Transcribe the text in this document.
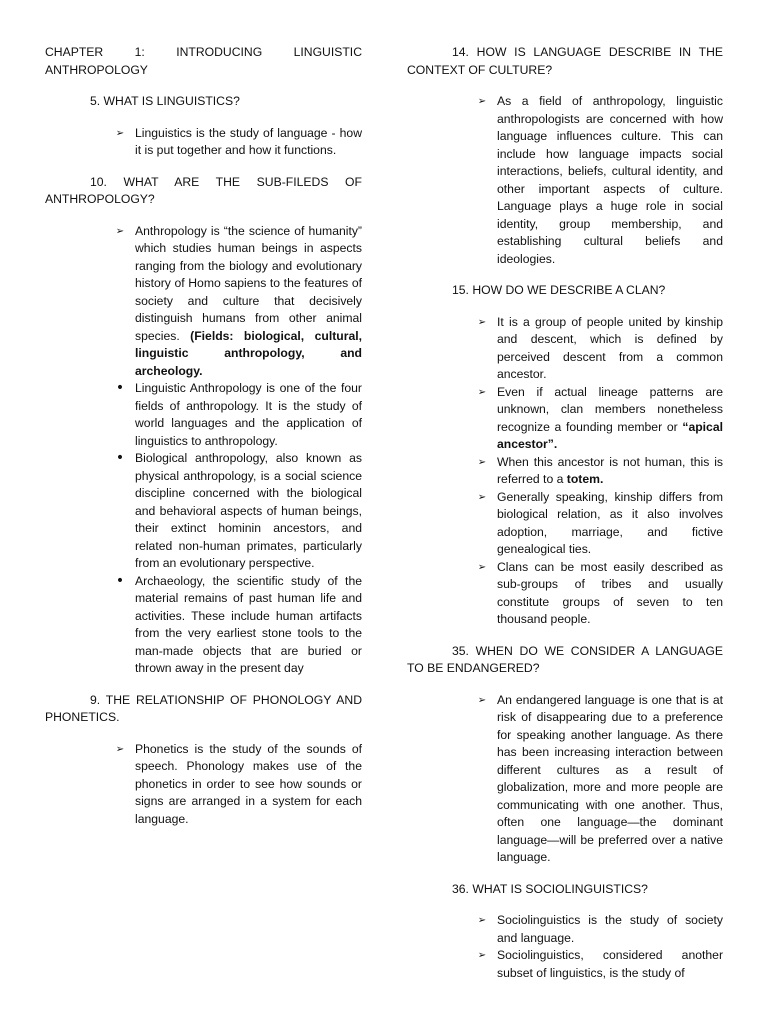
CHAPTER 1: INTRODUCING LINGUISTIC ANTHROPOLOGY

5. WHAT IS LINGUISTICS?

➢ Linguistics is the study of language - how it is put together and how it functions.

10. WHAT ARE THE SUB-FILEDS OF ANTHROPOLOGY?

➢ Anthropology is “the science of humanity” which studies human beings in aspects ranging from the biology and evolutionary history of Homo sapiens to the features of society and culture that decisively distinguish humans from other animal species. (Fields: biological, cultural, linguistic anthropology, and archeology.
• Linguistic Anthropology is one of the four fields of anthropology. It is the study of world languages and the application of linguistics to anthropology.
• Biological anthropology, also known as physical anthropology, is a social science discipline concerned with the biological and behavioral aspects of human beings, their extinct hominin ancestors, and related non-human primates, particularly from an evolutionary perspective.
• Archaeology, the scientific study of the material remains of past human life and activities. These include human artifacts from the very earliest stone tools to the man-made objects that are buried or thrown away in the present day

9. THE RELATIONSHIP OF PHONOLOGY AND PHONETICS.

➢ Phonetics is the study of the sounds of speech. Phonology makes use of the phonetics in order to see how sounds or signs are arranged in a system for each language.

14. HOW IS LANGUAGE DESCRIBE IN THE CONTEXT OF CULTURE?

➢ As a field of anthropology, linguistic anthropologists are concerned with how language influences culture. This can include how language impacts social interactions, beliefs, cultural identity, and other important aspects of culture. Language plays a huge role in social identity, group membership, and establishing cultural beliefs and ideologies.

15. HOW DO WE DESCRIBE A CLAN?

➢ It is a group of people united by kinship and descent, which is defined by perceived descent from a common ancestor.
➢ Even if actual lineage patterns are unknown, clan members nonetheless recognize a founding member or “apical ancestor”.
➢ When this ancestor is not human, this is referred to a totem.
➢ Generally speaking, kinship differs from biological relation, as it also involves adoption, marriage, and fictive genealogical ties.
➢ Clans can be most easily described as sub-groups of tribes and usually constitute groups of seven to ten thousand people.

35. WHEN DO WE CONSIDER A LANGUAGE TO BE ENDANGERED?

➢ An endangered language is one that is at risk of disappearing due to a preference for speaking another language. As there has been increasing interaction between different cultures as a result of globalization, more and more people are communicating with one another. Thus, often one language—the dominant language—will be preferred over a native language.

36. WHAT IS SOCIOLINGUISTICS?

➢ Sociolinguistics is the study of society and language.
➢ Sociolinguistics, considered another subset of linguistics, is the study of
